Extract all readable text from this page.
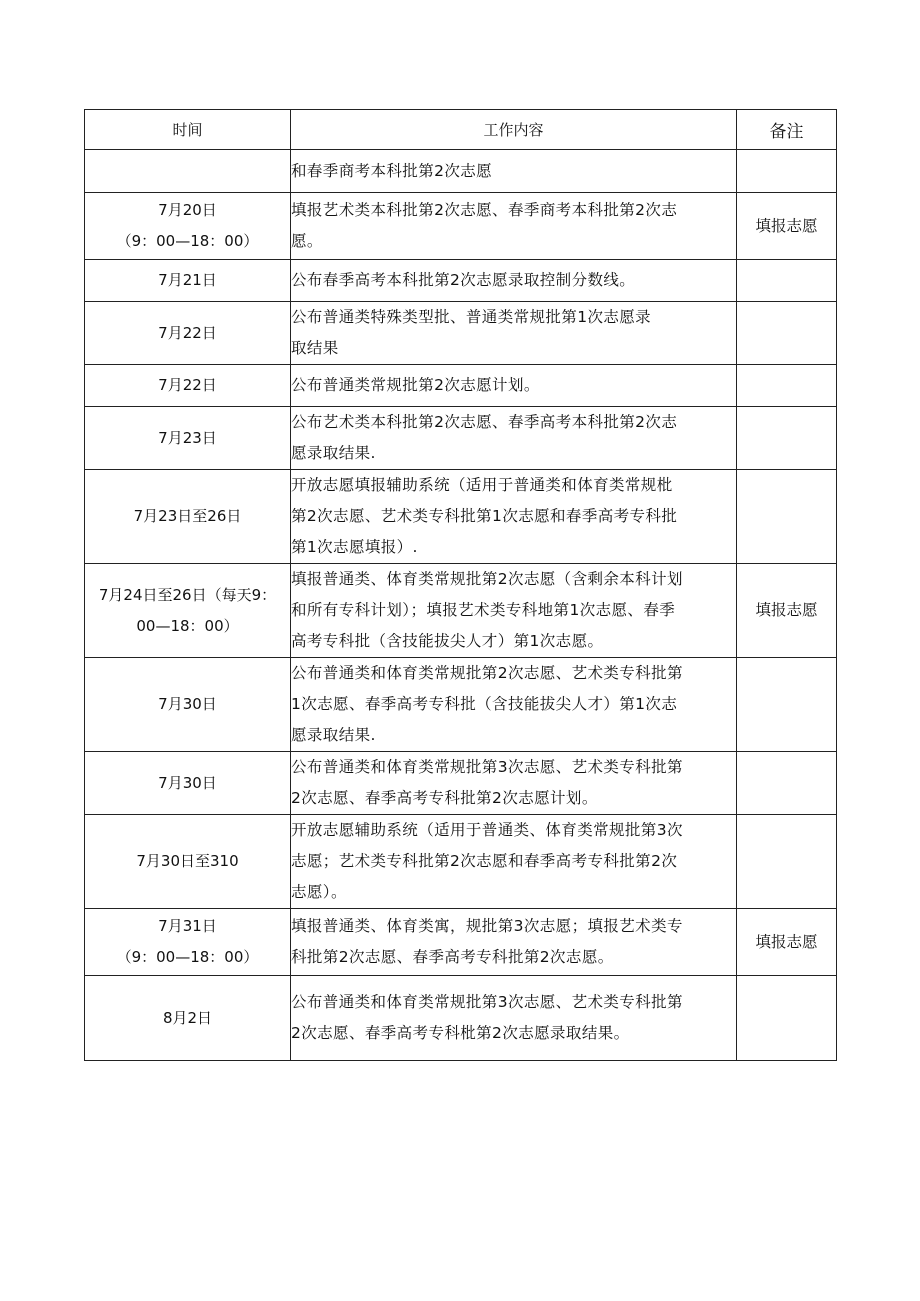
时间	工作内容	备注

	和春季商考本科批第2次志愿	

7月20日
（9：00—18：00）	填报艺术类本科批第2次志愿、春季商考本科批第2次志
愿。	填报志愿

7月21日	公布春季高考本科批第2次志愿录取控制分数线。	

7月22日	公布普通类特殊类型批、普通类常规批第1次志愿录
取结果	

7月22日	公布普通类常规批第2次志愿计划。	

7月23日	公布艺术类本科批第2次志愿、春季高考本科批第2次志
愿录取结果.	

7月23日至26日	开放志愿填报辅助系统（适用于普通类和体育类常规枇
第2次志愿、艺术类专科批第1次志愿和春季高考专科批
第1次志愿填报）.	

7月24日至26日（每天9：
00—18：00）	填报普通类、体育类常规批第2次志愿（含剩余本科计划
和所有专科计划）；填报艺术类专科地第1次志愿、春季
高考专科批（含技能拔尖人才）第1次志愿。	填报志愿

7月30日	公布普通类和体育类常规批第2次志愿、艺术类专科批第
1次志愿、春季高考专科批（含技能拔尖人才）第1次志
愿录取结果.	

7月30日	公布普通类和体育类常规批第3次志愿、艺术类专科批第
2次志愿、春季高考专科批第2次志愿计划。	

7月30日至310	开放志愿辅助系统（适用于普通类、体育类常规批第3次
志愿；艺术类专科批第2次志愿和春季高考专科批第2次
志愿）。	

7月31日
（9：00—18：00）	填报普通类、体育类寓，规批第3次志愿；填报艺术类专
科批第2次志愿、春季高考专科批第2次志愿。	填报志愿

8月2日	公布普通类和体育类常规批第3次志愿、艺术类专科批第
2次志愿、春季高考专科枇第2次志愿录取结果。	
